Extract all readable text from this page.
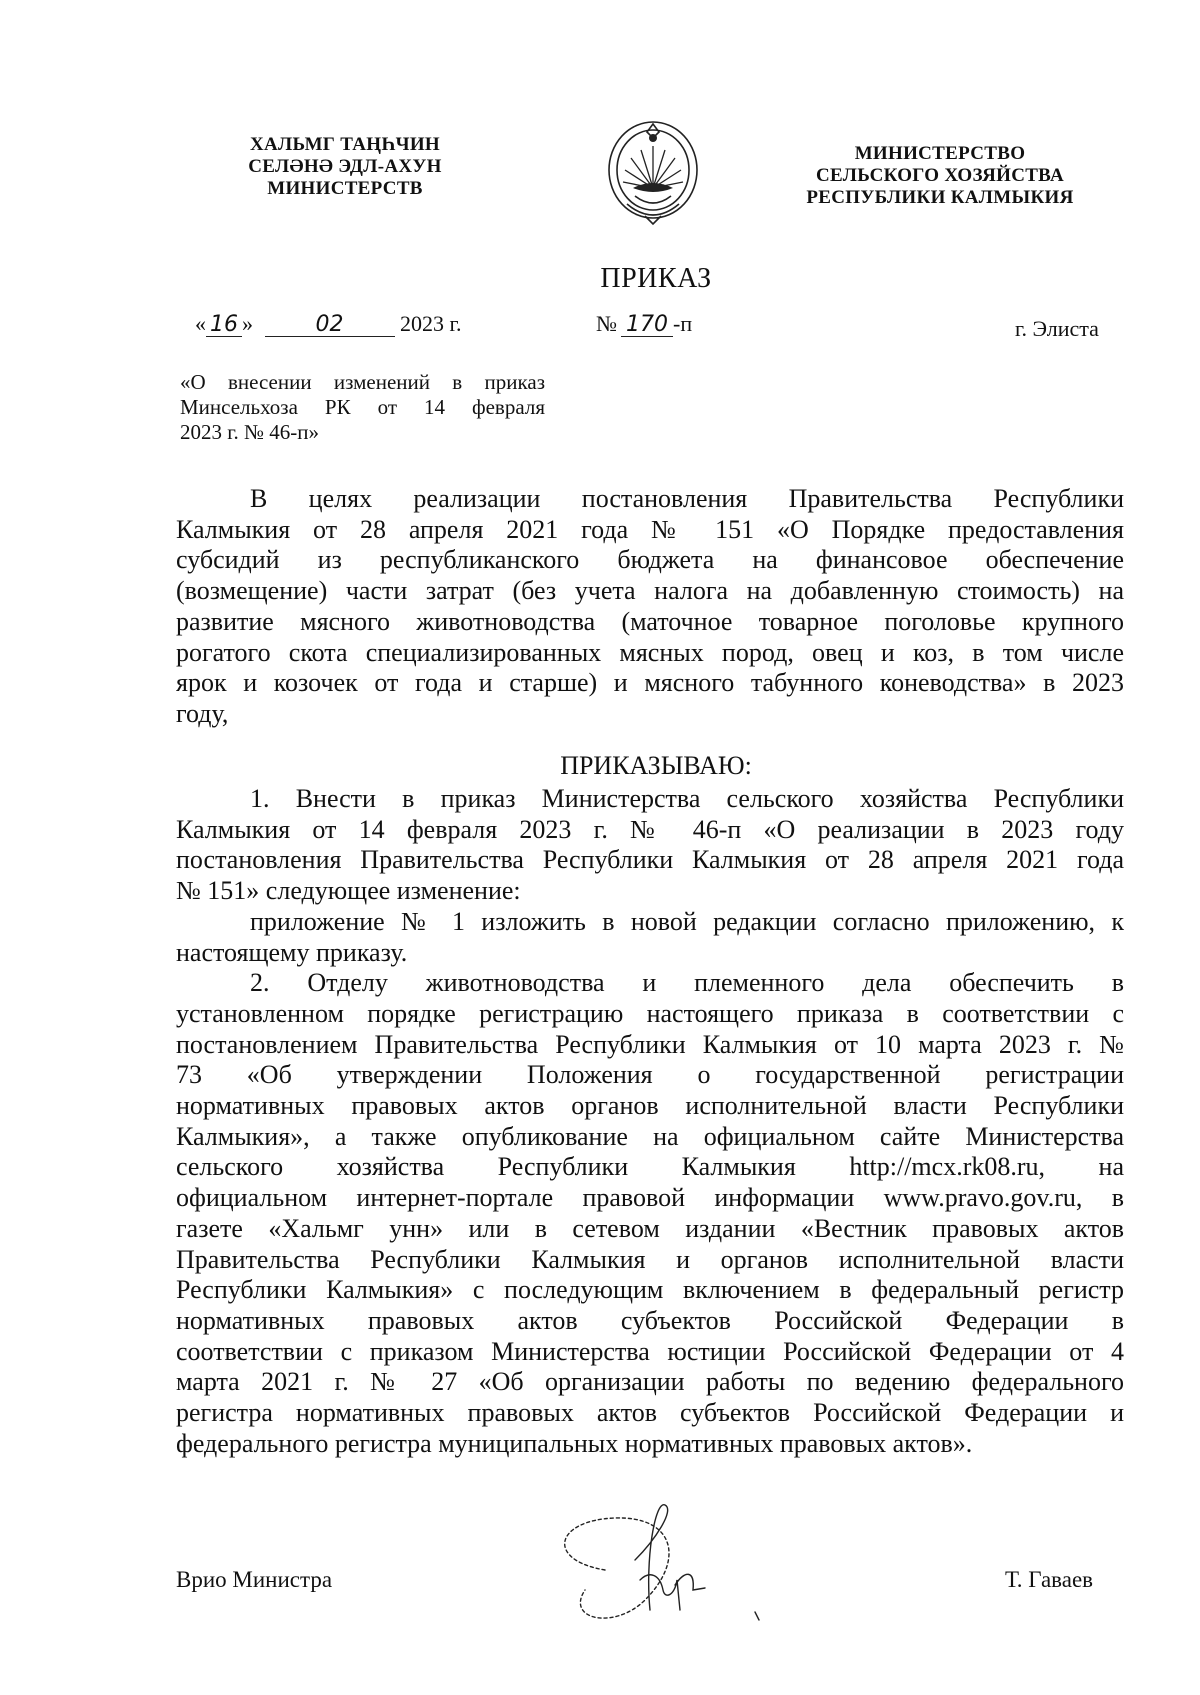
ХАЛЬМГ ТАҢҺЧИН
СЕЛӘНӘ ЭДЛ-АХУН
МИНИСТЕРСТВ
МИНИСТЕРСТВО
СЕЛЬСКОГО ХОЗЯЙСТВА
РЕСПУБЛИКИ КАЛМЫКИЯ
ПРИКАЗ
« 16 »	02	2023 г.	№ 170 -п	г. Элиста
«О внесении изменений в приказ
Минсельхоза РК от 14 февраля
2023 г. № 46-п»
В целях реализации постановления Правительства Республики
Калмыкия от 28 апреля 2021 года № 151 «О Порядке предоставления
субсидий из республиканского бюджета на финансовое обеспечение
(возмещение) части затрат (без учета налога на добавленную стоимость) на
развитие мясного животноводства (маточное товарное поголовье крупного
рогатого скота специализированных мясных пород, овец и коз, в том числе
ярок и козочек от года и старше) и мясного табунного коневодства» в 2023
году,
ПРИКАЗЫВАЮ:
1. Внести в приказ Министерства сельского хозяйства Республики
Калмыкия от 14 февраля 2023 г. № 46-п «О реализации в 2023 году
постановления Правительства Республики Калмыкия от 28 апреля 2021 года
№ 151» следующее изменение:
приложение № 1 изложить в новой редакции согласно приложению, к
настоящему приказу.
2. Отделу животноводства и племенного дела обеспечить в
установленном порядке регистрацию настоящего приказа в соответствии с
постановлением Правительства Республики Калмыкия от 10 марта 2023 г. №
73 «Об утверждении Положения о государственной регистрации
нормативных правовых актов органов исполнительной власти Республики
Калмыкия», а также опубликование на официальном сайте Министерства
сельского хозяйства Республики Калмыкия http://mcx.rk08.ru, на
официальном интернет-портале правовой информации www.pravo.gov.ru, в
газете «Хальмг унн» или в сетевом издании «Вестник правовых актов
Правительства Республики Калмыкия и органов исполнительной власти
Республики Калмыкия» с последующим включением в федеральный регистр
нормативных правовых актов субъектов Российской Федерации в
соответствии с приказом Министерства юстиции Российской Федерации от 4
марта 2021 г. № 27 «Об организации работы по ведению федерального
регистра нормативных правовых актов субъектов Российской Федерации и
федерального регистра муниципальных нормативных правовых актов».
Врио Министра	Т. Гаваев
